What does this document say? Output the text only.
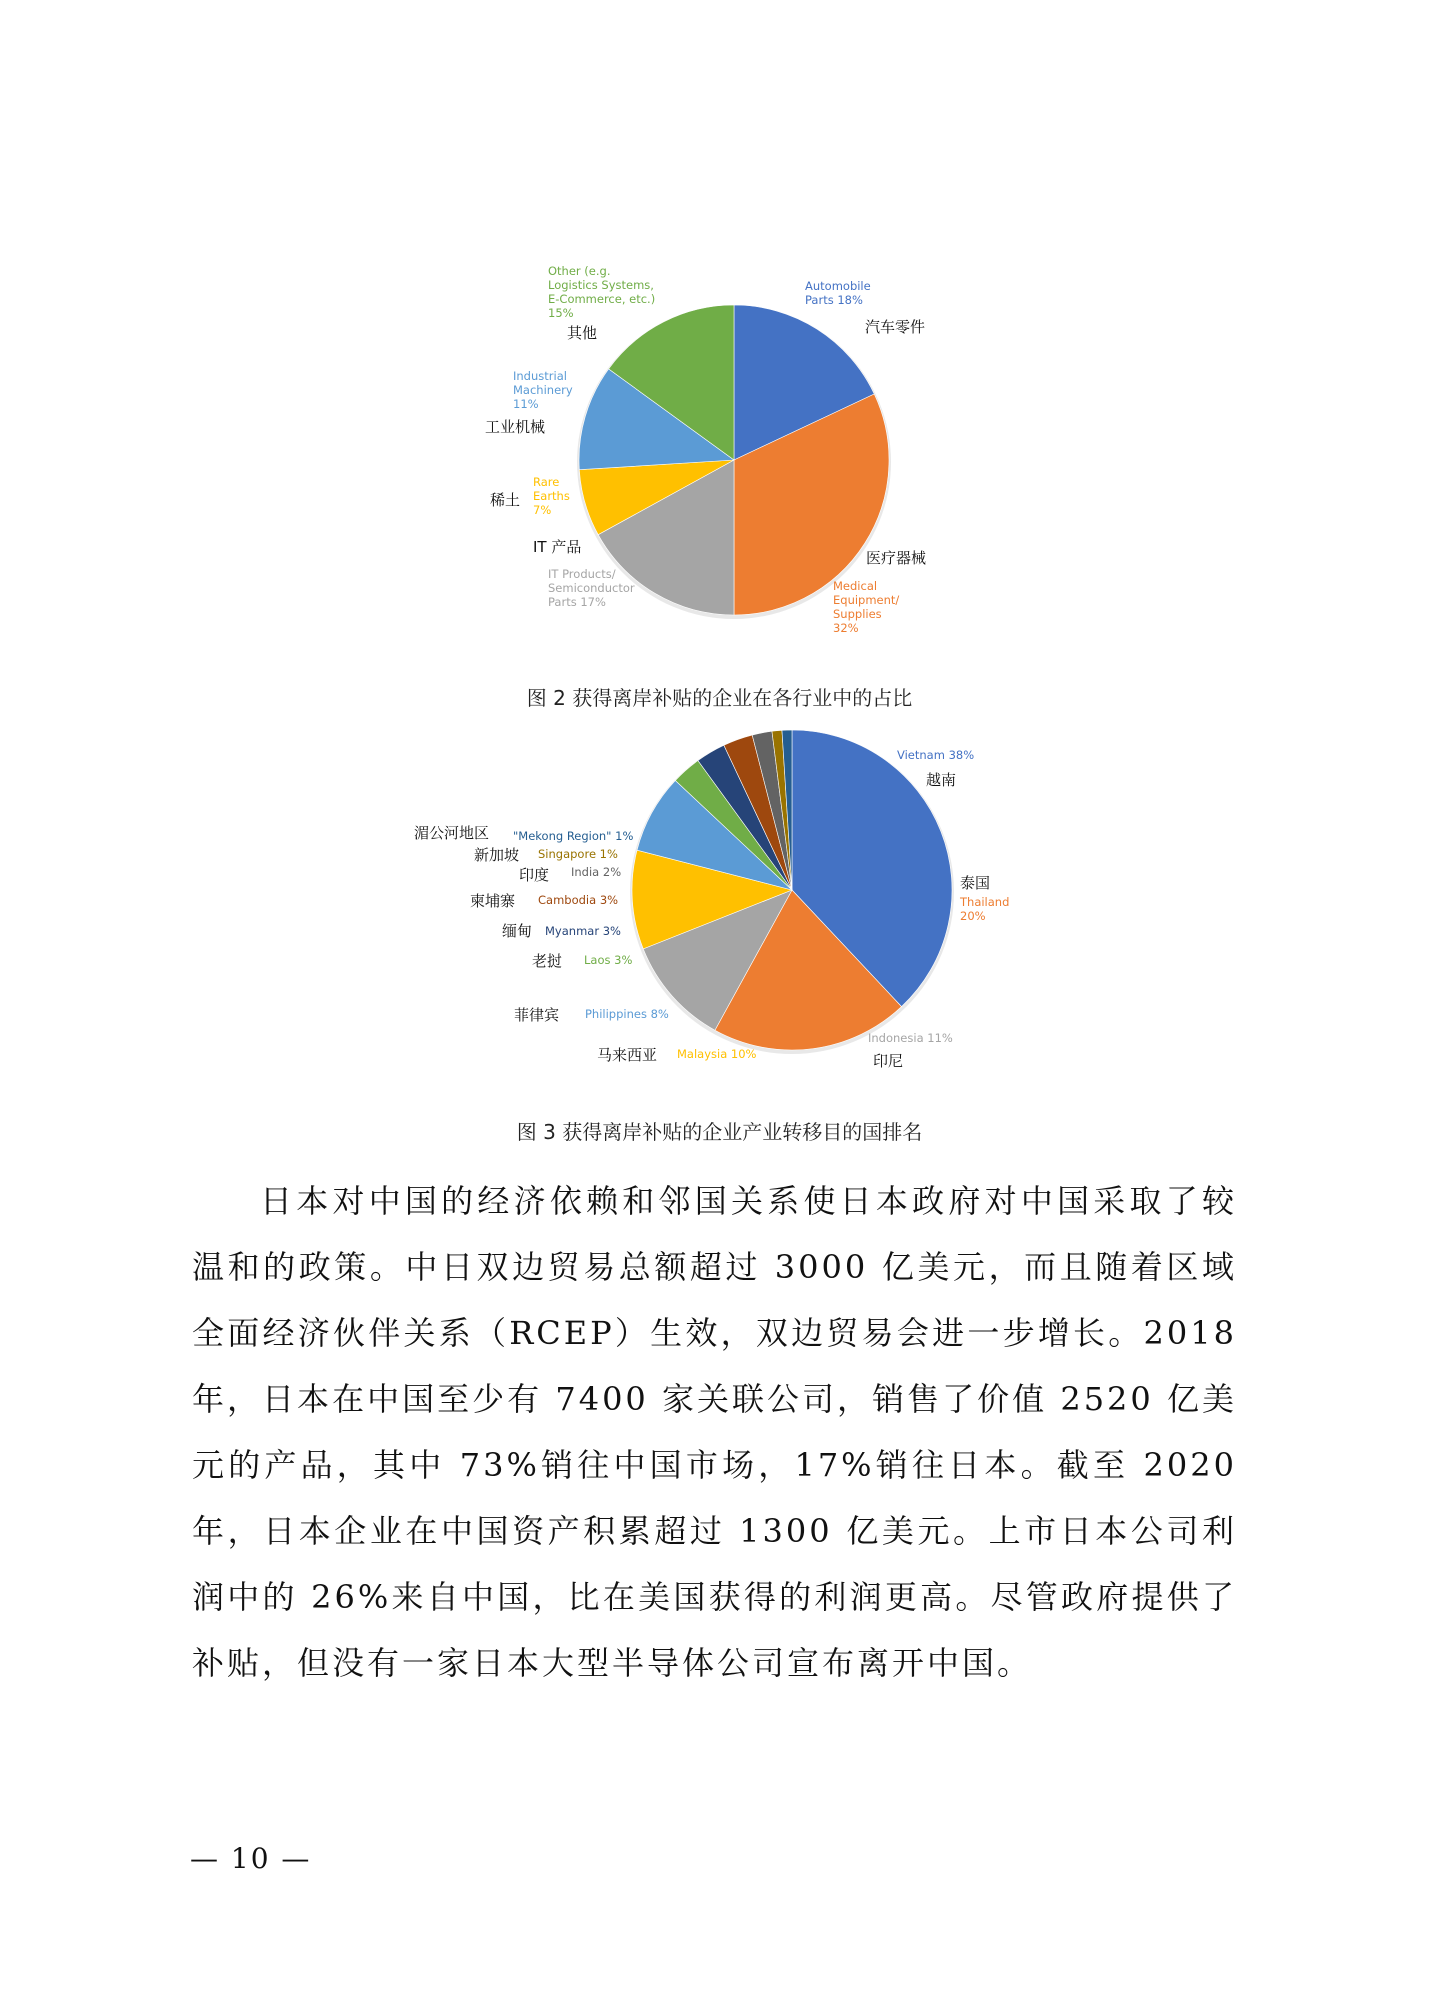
Automobile Parts 18%
汽车零件
Medical Equipment/ Supplies 32%
医疗器械
IT Products/ Semiconductor Parts 17%
IT 产品
Rare Earths 7%
稀土
Industrial Machinery 11%
工业机械
Other (e.g. Logistics Systems, E-Commerce, etc.) 15%
其他
图 2 获得离岸补贴的企业在各行业中的占比
Vietnam 38%
越南
Thailand 20%
泰国
Indonesia 11%
印尼
Malaysia 10%
马来西亚
Philippines 8%
菲律宾
Laos 3%
老挝
Myanmar 3%
缅甸
Cambodia 3%
柬埔寨
India 2%
印度
Singapore 1%
新加坡
"Mekong Region" 1%
湄公河地区
图 3 获得离岸补贴的企业产业转移目的国排名

日本对中国的经济依赖和邻国关系使日本政府对中国采取了较温和的政策。中日双边贸易总额超过 3000 亿美元，而且随着区域全面经济伙伴关系（RCEP）生效，双边贸易会进一步增长。2018 年，日本在中国至少有 7400 家关联公司，销售了价值 2520 亿美元的产品，其中 73%销往中国市场，17%销往日本。截至 2020 年，日本企业在中国资产积累超过 1300 亿美元。上市日本公司利润中的 26%来自中国，比在美国获得的利润更高。尽管政府提供了补贴，但没有一家日本大型半导体公司宣布离开中国。

— 10 —
